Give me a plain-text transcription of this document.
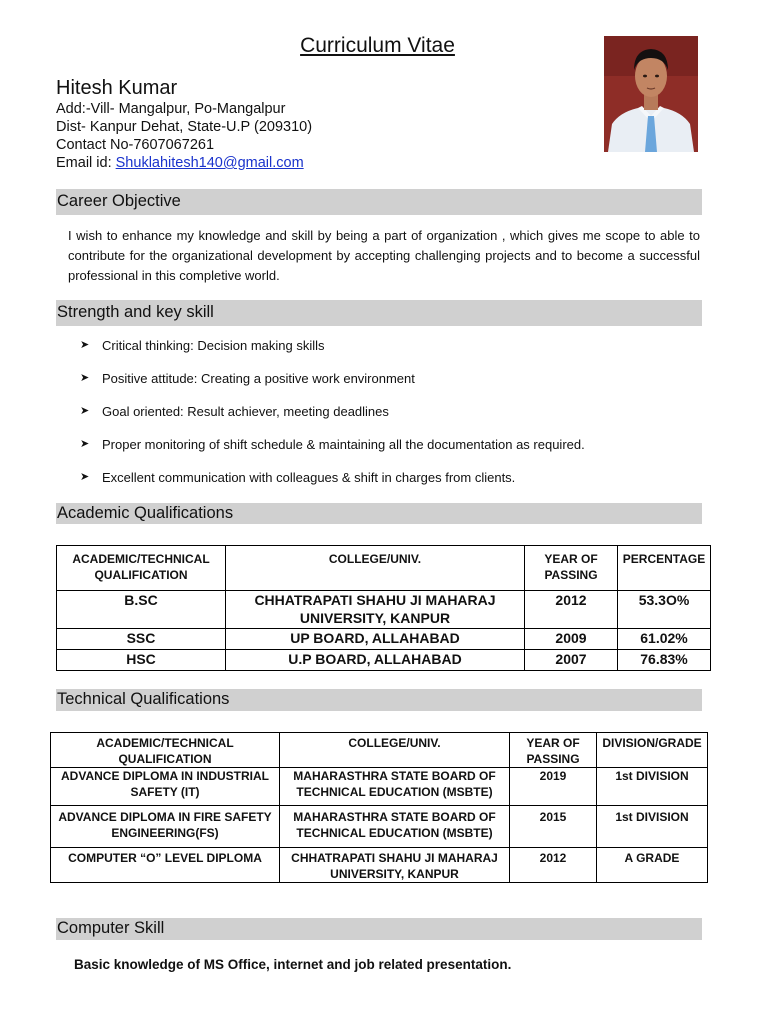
Curriculum Vitae
Hitesh Kumar
Add:-Vill- Mangalpur, Po-Mangalpur
Dist- Kanpur Dehat, State-U.P (209310)
Contact No-7607067261
Email id: Shuklahitesh140@gmail.com
Career Objective
I wish to enhance my knowledge and skill by being a part of organization , which gives me scope to able to contribute for the organizational development by accepting challenging projects and to become a successful professional in this completive world.
Strength and key skill
➤ Critical thinking: Decision making skills
➤ Positive attitude: Creating a positive work environment
➤ Goal oriented: Result achiever, meeting deadlines
➤ Proper monitoring of shift schedule & maintaining all the documentation as required.
➤ Excellent communication with colleagues & shift in charges from clients.
Academic Qualifications
ACADEMIC/TECHNICAL QUALIFICATION	COLLEGE/UNIV.	YEAR OF PASSING	PERCENTAGE
B.SC	CHHATRAPATI SHAHU JI MAHARAJ UNIVERSITY, KANPUR	2012	53.3O%
SSC	UP BOARD, ALLAHABAD	2009	61.02%
HSC	U.P BOARD, ALLAHABAD	2007	76.83%
Technical Qualifications
ACADEMIC/TECHNICAL QUALIFICATION	COLLEGE/UNIV.	YEAR OF PASSING	DIVISION/GRADE
ADVANCE DIPLOMA IN INDUSTRIAL SAFETY (IT)	MAHARASTHRA STATE BOARD OF TECHNICAL EDUCATION (MSBTE)	2019	1st DIVISION
ADVANCE DIPLOMA IN FIRE SAFETY ENGINEERING(FS)	MAHARASTHRA STATE BOARD OF TECHNICAL EDUCATION (MSBTE)	2015	1st DIVISION
COMPUTER “O” LEVEL DIPLOMA	CHHATRAPATI SHAHU JI MAHARAJ UNIVERSITY, KANPUR	2012	A GRADE
Computer Skill
Basic knowledge of MS Office, internet and job related presentation.
